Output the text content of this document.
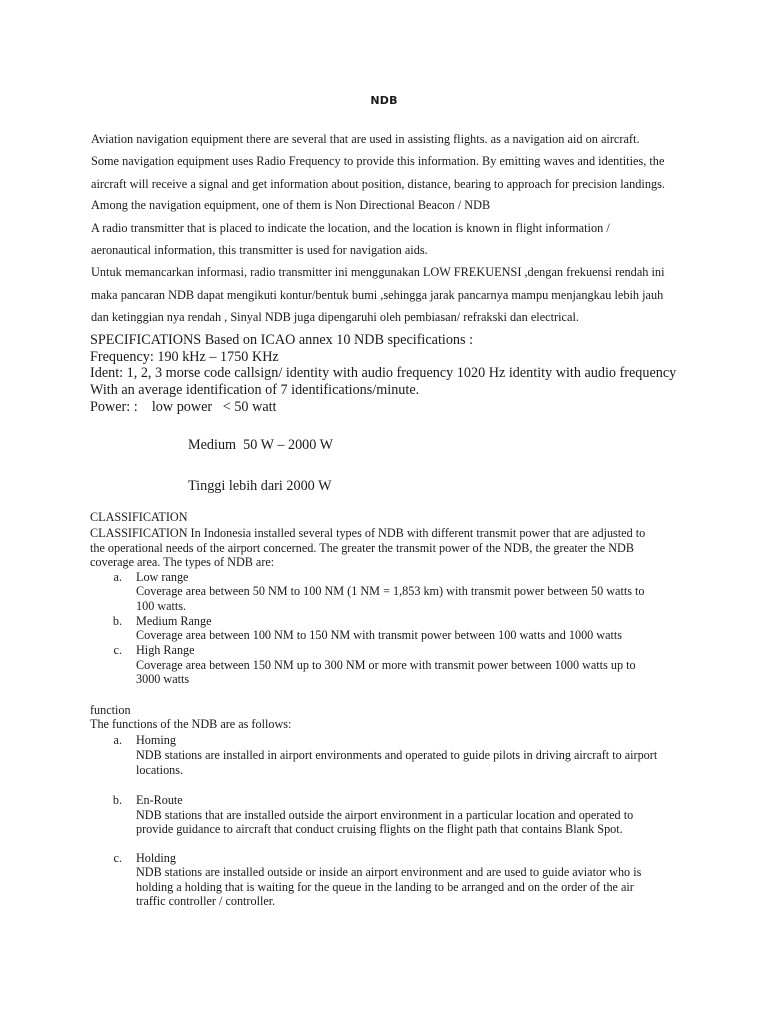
NDB
Aviation navigation equipment there are several that are used in assisting flights. as a navigation aid on aircraft.
Some navigation equipment uses Radio Frequency to provide this information. By emitting waves and identities, the
aircraft will receive a signal and get information about position, distance, bearing to approach for precision landings.
Among the navigation equipment, one of them is Non Directional Beacon / NDB
A radio transmitter that is placed to indicate the location, and the location is known in flight information /
aeronautical information, this transmitter is used for navigation aids.
Untuk memancarkan informasi, radio transmitter ini menggunakan LOW FREKUENSI ,dengan frekuensi rendah ini
maka pancaran NDB dapat mengikuti kontur/bentuk bumi ,sehingga jarak pancarnya mampu menjangkau lebih jauh
dan ketinggian nya rendah , Sinyal NDB juga dipengaruhi oleh pembiasan/ refrakski dan electrical.
SPECIFICATIONS Based on ICAO annex 10 NDB specifications :
Frequency: 190 kHz – 1750 KHz
Ident: 1, 2, 3 morse code callsign/ identity with audio frequency 1020 Hz identity with audio frequency
With an average identification of 7 identifications/minute.
Power: :    low power   < 50 watt
Medium  50 W – 2000 W
Tinggi lebih dari 2000 W
CLASSIFICATION
CLASSIFICATION In Indonesia installed several types of NDB with different transmit power that are adjusted to
the operational needs of the airport concerned. The greater the transmit power of the NDB, the greater the NDB
coverage area. The types of NDB are:
a. Low range
Coverage area between 50 NM to 100 NM (1 NM = 1,853 km) with transmit power between 50 watts to
100 watts.
b. Medium Range
Coverage area between 100 NM to 150 NM with transmit power between 100 watts and 1000 watts
c. High Range
Coverage area between 150 NM up to 300 NM or more with transmit power between 1000 watts up to
3000 watts
function
The functions of the NDB are as follows:
a. Homing
NDB stations are installed in airport environments and operated to guide pilots in driving aircraft to airport
locations.
b. En-Route
NDB stations that are installed outside the airport environment in a particular location and operated to
provide guidance to aircraft that conduct cruising flights on the flight path that contains Blank Spot.
c. Holding
NDB stations are installed outside or inside an airport environment and are used to guide aviator who is
holding a holding that is waiting for the queue in the landing to be arranged and on the order of the air
traffic controller / controller.
